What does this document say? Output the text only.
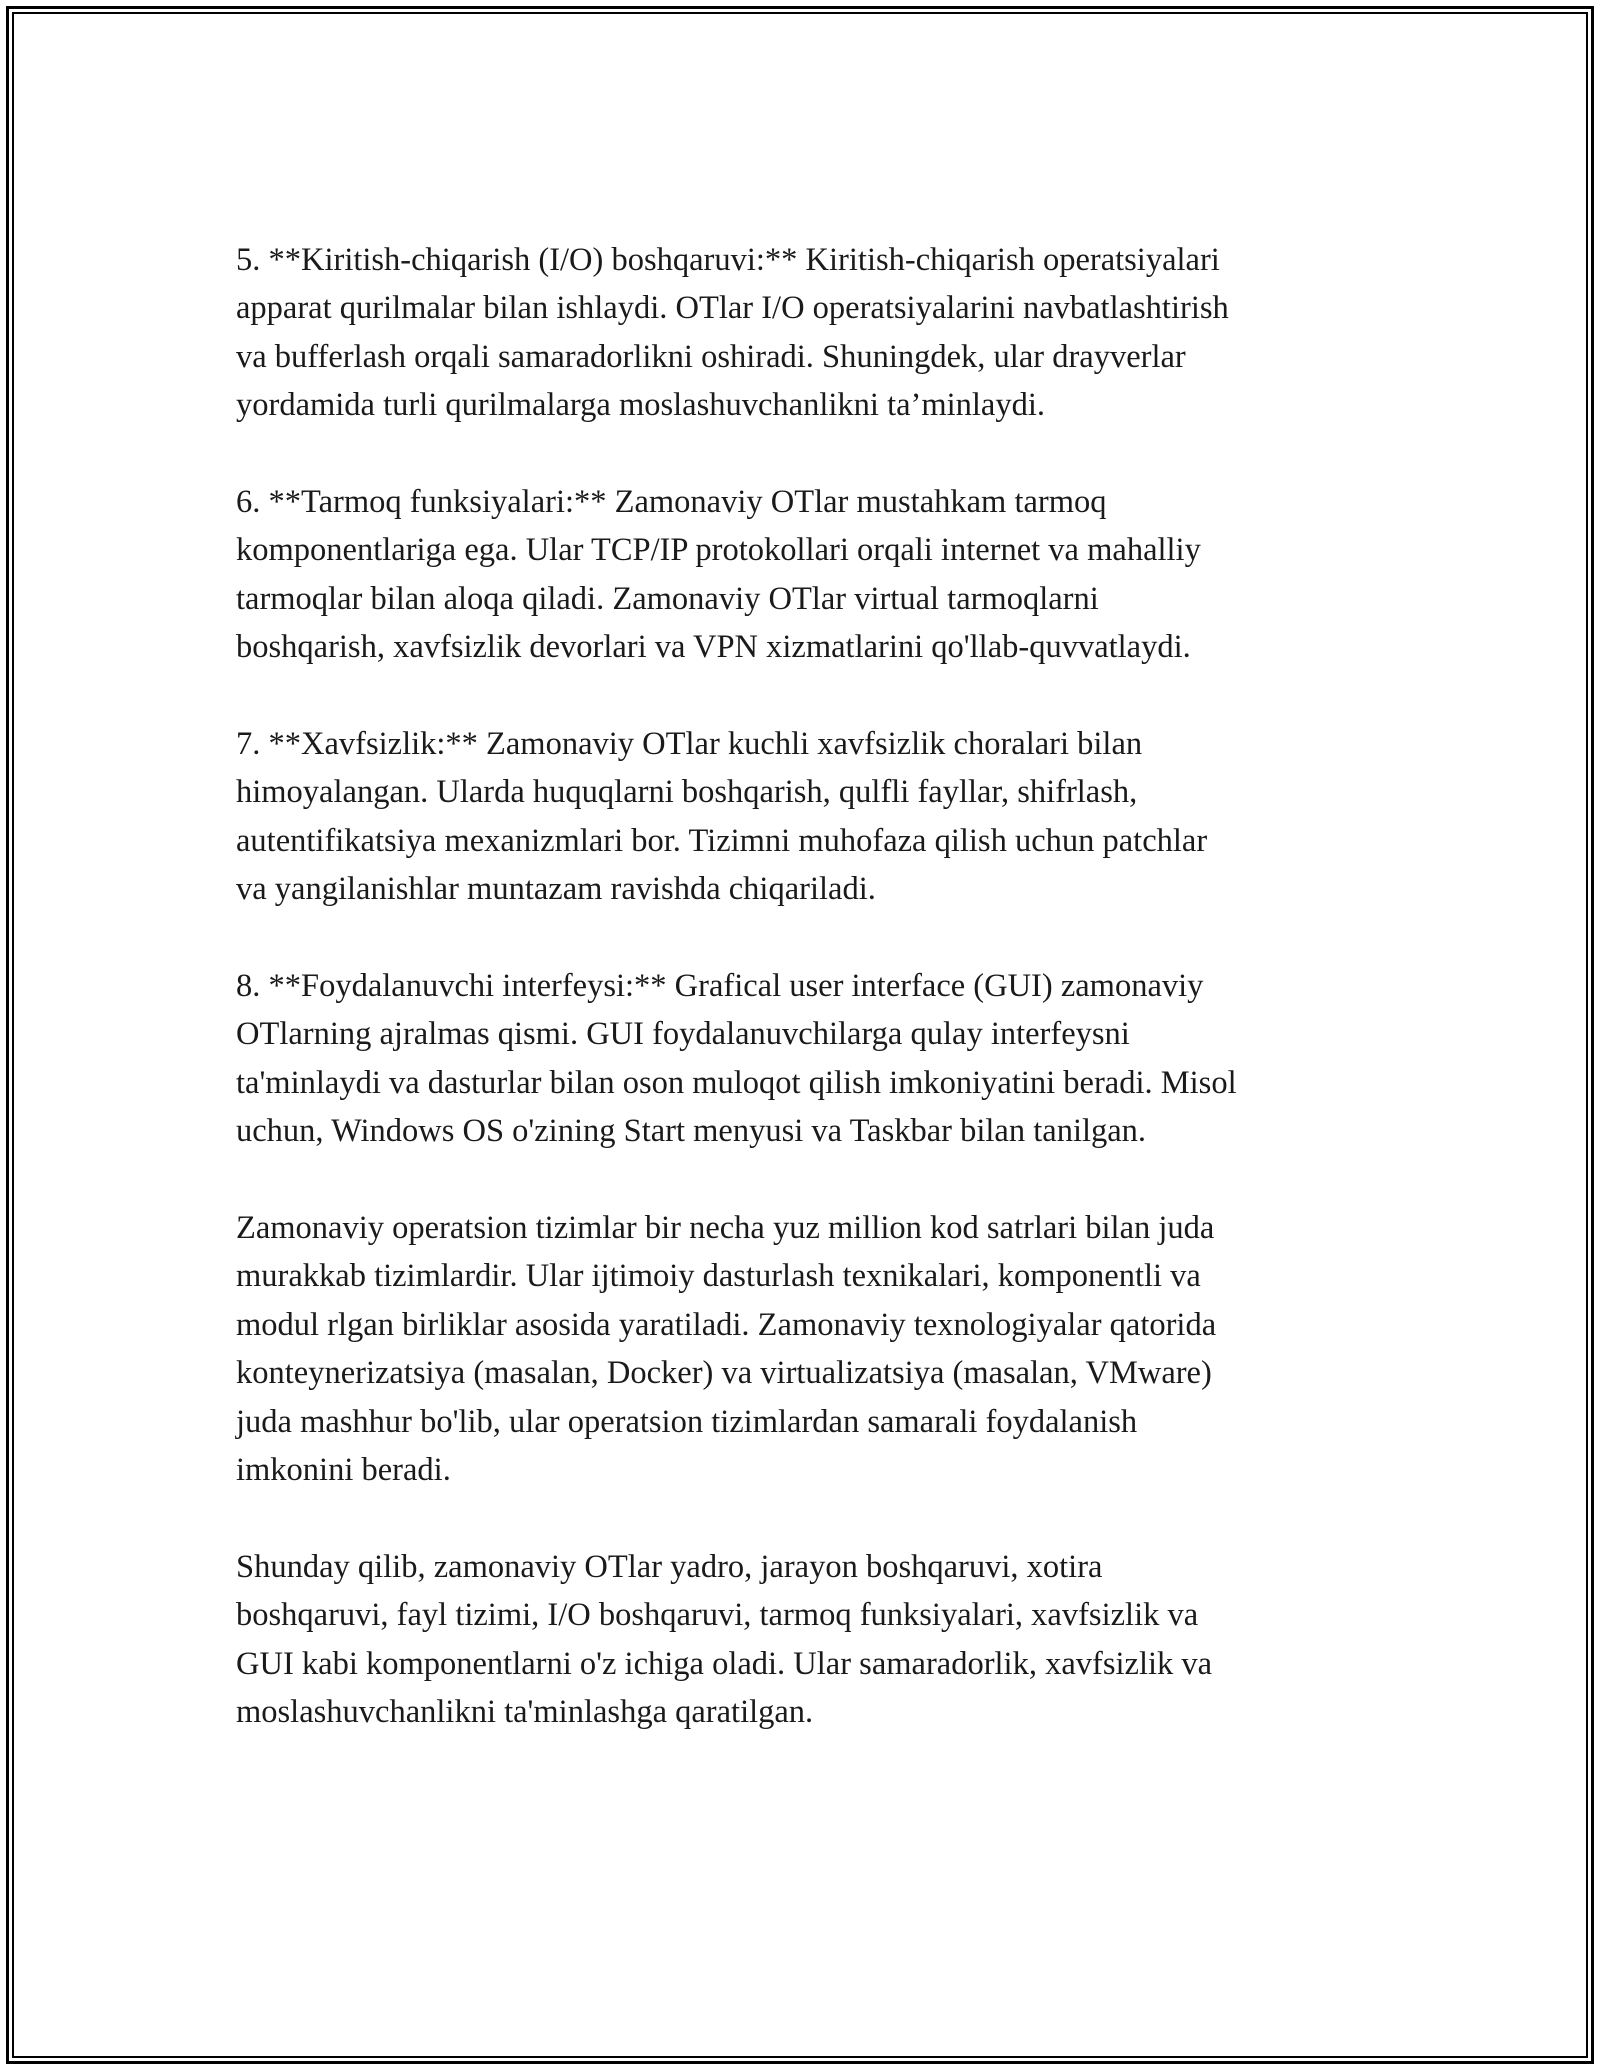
5. **Kiritish-chiqarish (I/O) boshqaruvi:** Kiritish-chiqarish operatsiyalari
apparat qurilmalar bilan ishlaydi. OTlar I/O operatsiyalarini navbatlashtirish
va bufferlash orqali samaradorlikni oshiradi. Shuningdek, ular drayverlar
yordamida turli qurilmalarga moslashuvchanlikni ta’minlaydi.

6. **Tarmoq funksiyalari:** Zamonaviy OTlar mustahkam tarmoq
komponentlariga ega. Ular TCP/IP protokollari orqali internet va mahalliy
tarmoqlar bilan aloqa qiladi. Zamonaviy OTlar virtual tarmoqlarni
boshqarish, xavfsizlik devorlari va VPN xizmatlarini qo'llab-quvvatlaydi.

7. **Xavfsizlik:** Zamonaviy OTlar kuchli xavfsizlik choralari bilan
himoyalangan. Ularda huquqlarni boshqarish, qulfli fayllar, shifrlash,
autentifikatsiya mexanizmlari bor. Tizimni muhofaza qilish uchun patchlar
va yangilanishlar muntazam ravishda chiqariladi.

8. **Foydalanuvchi interfeysi:** Grafical user interface (GUI) zamonaviy
OTlarning ajralmas qismi. GUI foydalanuvchilarga qulay interfeysni
ta'minlaydi va dasturlar bilan oson muloqot qilish imkoniyatini beradi. Misol
uchun, Windows OS o'zining Start menyusi va Taskbar bilan tanilgan.

Zamonaviy operatsion tizimlar bir necha yuz million kod satrlari bilan juda
murakkab tizimlardir. Ular ijtimoiy dasturlash texnikalari, komponentli va
modul rlgan birliklar asosida yaratiladi. Zamonaviy texnologiyalar qatorida
konteynerizatsiya (masalan, Docker) va virtualizatsiya (masalan, VMware)
juda mashhur bo'lib, ular operatsion tizimlardan samarali foydalanish
imkonini beradi.

Shunday qilib, zamonaviy OTlar yadro, jarayon boshqaruvi, xotira
boshqaruvi, fayl tizimi, I/O boshqaruvi, tarmoq funksiyalari, xavfsizlik va
GUI kabi komponentlarni o'z ichiga oladi. Ular samaradorlik, xavfsizlik va
moslashuvchanlikni ta'minlashga qaratilgan.
